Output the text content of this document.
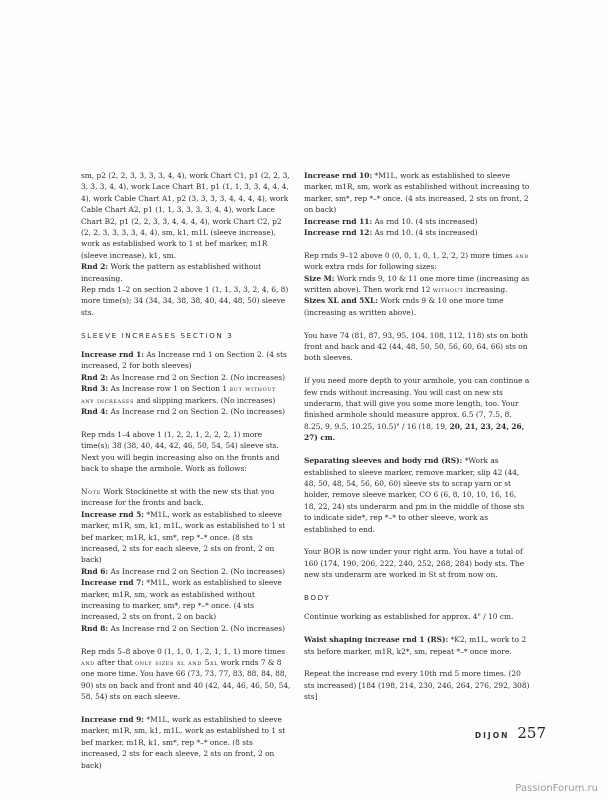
sm, p2 (2, 2, 3, 3, 3, 3, 4, 4), work Chart C1, p1 (2, 2, 3, 3, 3, 3, 4, 4), work Lace Chart B1, p1 (1, 1, 3, 3, 4, 4, 4, 4), work Cable Chart A1, p2 (3, 3, 3, 3, 4, 4, 4, 4), work Cable Chart A2, p1 (1, 1, 3, 3, 3, 3, 4, 4), work Lace Chart B2, p1 (2, 2, 3, 3, 4, 4, 4, 4), work Chart C2, p2 (2, 2, 3, 3, 3, 3, 4, 4), sm, k1, m1L (sleeve increase), work as established work to 1 st bef marker, m1R (sleeve increase), k1, sm.
Rnd 2: Work the pattern as established without increasing.
Rep rnds 1–2 on section 2 above 1 (1, 1, 3, 3, 2, 4, 6, 8) more time(s); 34 (34, 34, 38, 38, 40, 44, 48, 50) sleeve sts.

SLEEVE INCREASES SECTION 3

Increase rnd 1: As Increase rnd 1 on Section 2. (4 sts increased, 2 for both sleeves)
Rnd 2: As Increase rnd 2 on Section 2. (No increases)
Rnd 3: As Increase row 1 on Section 1 but without any increases and slipping markers. (No increases)
Rnd 4: As Increase rnd 2 on Section 2. (No increases)

Rep rnds 1–4 above 1 (1, 2, 2, 1, 2, 2, 2, 1) more time(s); 38 (38, 40, 44, 42, 46, 50, 54, 54) sleeve sts.
Next you will begin increasing also on the fronts and back to shape the armhole. Work as follows:

Note Work Stockinette st with the new sts that you increase for the fronts and back.
Increase rnd 5: *M1L, work as established to sleeve marker, m1R, sm, k1, m1L, work as established to 1 st bef marker, m1R, k1, sm*, rep *–* once. (8 sts increased, 2 sts for each sleeve, 2 sts on front, 2 on back)
Rnd 6: As Increase rnd 2 on Section 2. (No increases)
Increase rnd 7: *M1L, work as established to sleeve marker, m1R, sm, work as established without increasing to marker, sm*, rep *–* once. (4 sts increased, 2 sts on front, 2 on back)
Rnd 8: As Increase rnd 2 on Section 2. (No increases)

Rep rnds 5–8 above 0 (1, 1, 0, 1, 2, 1, 1, 1) more times and after that only sizes xl and 5xl work rnds 7 & 8 one more time. You have 66 (73, 73, 77, 83, 88, 84, 88, 90) sts on back and front and 40 (42, 44, 46, 46, 50, 54, 58, 54) sts on each sleeve.

Increase rnd 9: *M1L, work as established to sleeve marker, m1R, sm, k1, m1L, work as established to 1 st bef marker, m1R, k1, sm*, rep *–* once. (8 sts increased, 2 sts for each sleeve, 2 sts on front, 2 on back)

Increase rnd 10: *M1L, work as established to sleeve marker, m1R, sm, work as established without increasing to marker, sm*, rep *–* once. (4 sts increased, 2 sts on front, 2 on back)
Increase rnd 11: As rnd 10. (4 sts increased)
Increase rnd 12: As rnd 10. (4 sts increased)

Rep rnds 9–12 above 0 (0, 0, 1, 0, 1, 2, 2, 2) more times and work extra rnds for following sizes:
Size M: Work rnds 9, 10 & 11 one more time (increasing as written above). Then work rnd 12 without increasing.
Sizes XL and 5XL: Work rnds 9 & 10 one more time (increasing as written above).

You have 74 (81, 87, 93, 95, 104, 108, 112, 118) sts on both front and back and 42 (44, 48, 50, 50, 56, 60, 64, 66) sts on both sleeves.

If you need more depth to your armhole, you can continue a few rnds without increasing. You will cast on new sts underarm, that will give you some more length, too. Your finished armhole should measure approx. 6.5 (7, 7.5, 8, 8.25, 9, 9.5, 10.25, 10.5)" / 16 (18, 19, 20, 21, 23, 24, 26, 27) cm.

Separating sleeves and body rnd (RS): *Work as established to sleeve marker, remove marker, slip 42 (44, 48, 50, 48, 54, 56, 60, 60) sleeve sts to scrap yarn or st holder, remove sleeve marker, CO 6 (6, 8, 10, 10, 16, 16, 18, 22, 24) sts underarm and pm in the middle of those sts to indicate side*, rep *–* to other sleeve, work as established to end.

Your BOR is now under your right arm. You have a total of 160 (174, 190, 206, 222, 240, 252, 268, 284) body sts. The new sts underarm are worked in St st from now on.

BODY

Continue working as established for approx. 4" / 10 cm.

Waist shaping increase rnd 1 (RS): *K2, m1L, work to 2 sts before marker, m1R, k2*, sm, repeat *–* once more.

Repeat the increase rnd every 10th rnd 5 more times. (20 sts increased) [184 (198, 214, 230, 246, 264, 276, 292, 308) sts]

DIJON 257
PassionForum.ru
